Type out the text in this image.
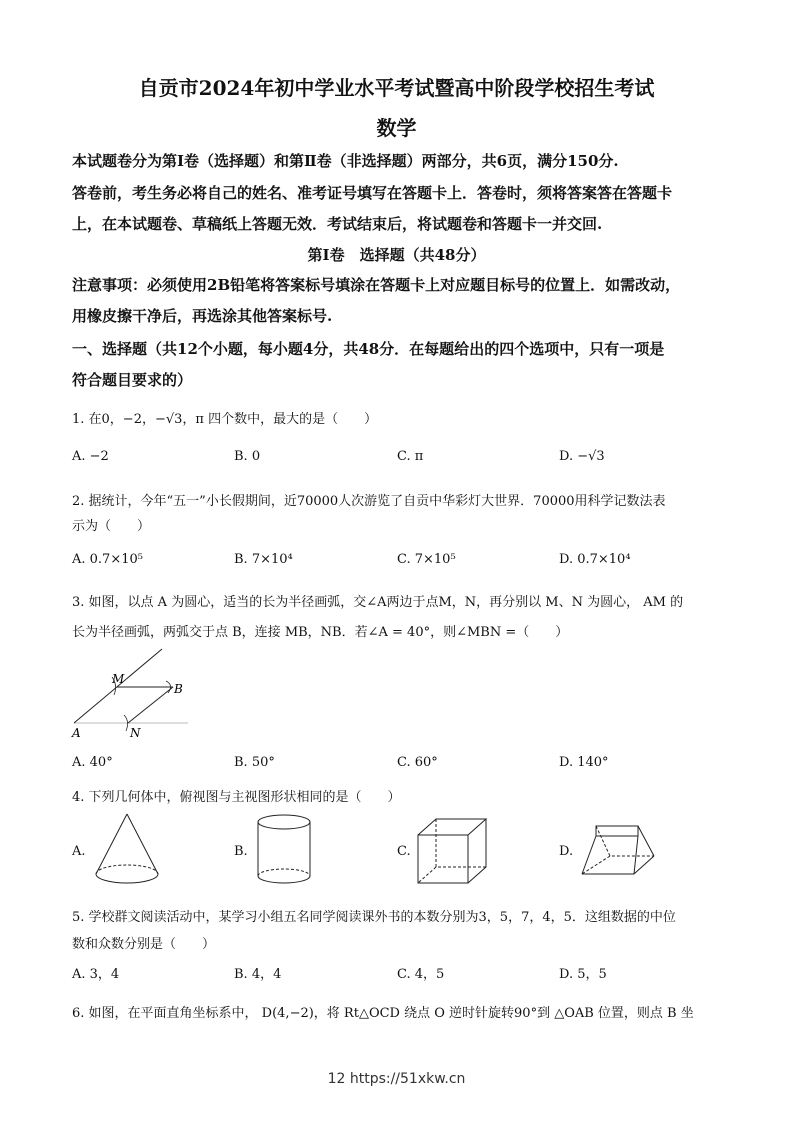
自贡市2024年初中学业水平考试暨高中阶段学校招生考试
数学
本试题卷分为第Ⅰ卷（选择题）和第Ⅱ卷（非选择题）两部分，共6页，满分150分.
答卷前，考生务必将自己的姓名、准考证号填写在答题卡上．答卷时，须将答案答在答题卡
上，在本试题卷、草稿纸上答题无效．考试结束后，将试题卷和答题卡一并交回.
第Ⅰ卷　选择题（共48分）
注意事项：必须使用2B铅笔将答案标号填涂在答题卡上对应题目标号的位置上．如需改动，
用橡皮擦干净后，再选涂其他答案标号.
一、选择题（共12个小题，每小题4分，共48分．在每题给出的四个选项中，只有一项是
符合题目要求的）
1. 在0，−2，−√3，π 四个数中，最大的是（　　）
A. −2	B. 0	C. π	D. −√3
2. 据统计，今年“五一”小长假期间，近70000人次游览了自贡中华彩灯大世界．70000用科学记数法表
示为（　　）
A. 0.7×10⁵	B. 7×10⁴	C. 7×10⁵	D. 0.7×10⁴
3. 如图，以点 A 为圆心，适当的长为半径画弧，交∠A两边于点M，N，再分别以 M、N 为圆心， AM 的
长为半径画弧，两弧交于点 B，连接 MB，NB．若∠A = 40°，则∠MBN =（　　）
A
M
N
B
A. 40°	B. 50°	C. 60°	D. 140°
4. 下列几何体中，俯视图与主视图形状相同的是（　　）
A.	B.	C.	D.
5. 学校群文阅读活动中，某学习小组五名同学阅读课外书的本数分别为3，5，7，4，5．这组数据的中位
数和众数分别是（　　）
A. 3，4	B. 4，4	C. 4，5	D. 5，5
6. 如图，在平面直角坐标系中， D(4,−2)，将 Rt△OCD 绕点 O 逆时针旋转90°到 △OAB 位置，则点 B 坐
12 https://51xkw.cn
